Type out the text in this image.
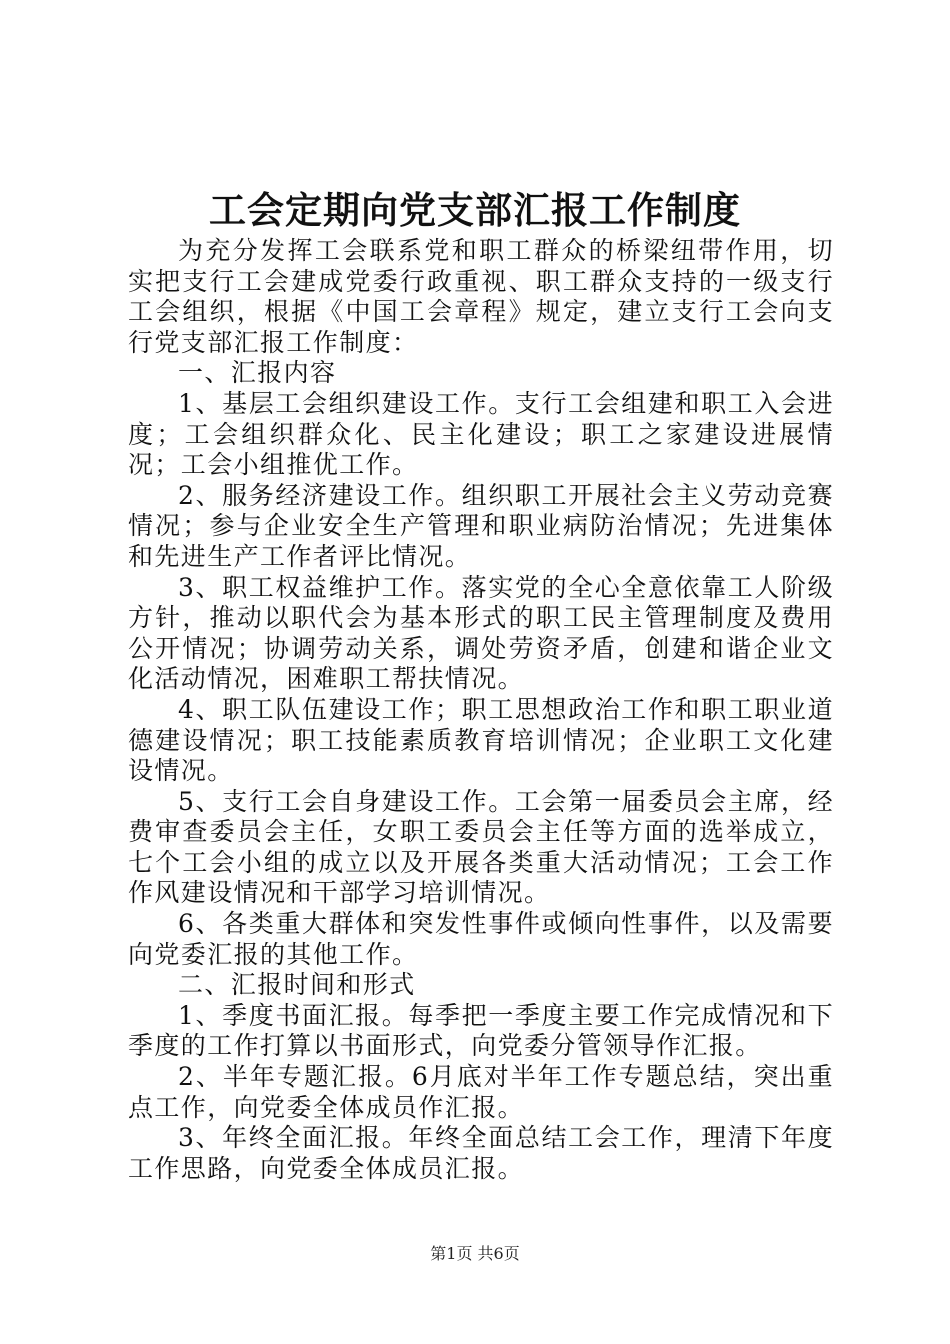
工会定期向党支部汇报工作制度

为充分发挥工会联系党和职工群众的桥梁纽带作用，切实把支行工会建成党委行政重视、职工群众支持的一级支行工会组织，根据《中国工会章程》规定，建立支行工会向支行党支部汇报工作制度：

一、汇报内容

1、基层工会组织建设工作。支行工会组建和职工入会进度；工会组织群众化、民主化建设；职工之家建设进展情况；工会小组推优工作。

2、服务经济建设工作。组织职工开展社会主义劳动竞赛情况；参与企业安全生产管理和职业病防治情况；先进集体和先进生产工作者评比情况。

3、职工权益维护工作。落实党的全心全意依靠工人阶级方针，推动以职代会为基本形式的职工民主管理制度及费用公开情况；协调劳动关系，调处劳资矛盾，创建和谐企业文化活动情况，困难职工帮扶情况。

4、职工队伍建设工作；职工思想政治工作和职工职业道德建设情况；职工技能素质教育培训情况；企业职工文化建设情况。

5、支行工会自身建设工作。工会第一届委员会主席，经费审查委员会主任，女职工委员会主任等方面的选举成立，七个工会小组的成立以及开展各类重大活动情况；工会工作作风建设情况和干部学习培训情况。

6、各类重大群体和突发性事件或倾向性事件，以及需要向党委汇报的其他工作。

二、汇报时间和形式

1、季度书面汇报。每季把一季度主要工作完成情况和下季度的工作打算以书面形式，向党委分管领导作汇报。

2、半年专题汇报。6月底对半年工作专题总结，突出重点工作，向党委全体成员作汇报。

3、年终全面汇报。年终全面总结工会工作，理清下年度工作思路，向党委全体成员汇报。

第1页 共6页
